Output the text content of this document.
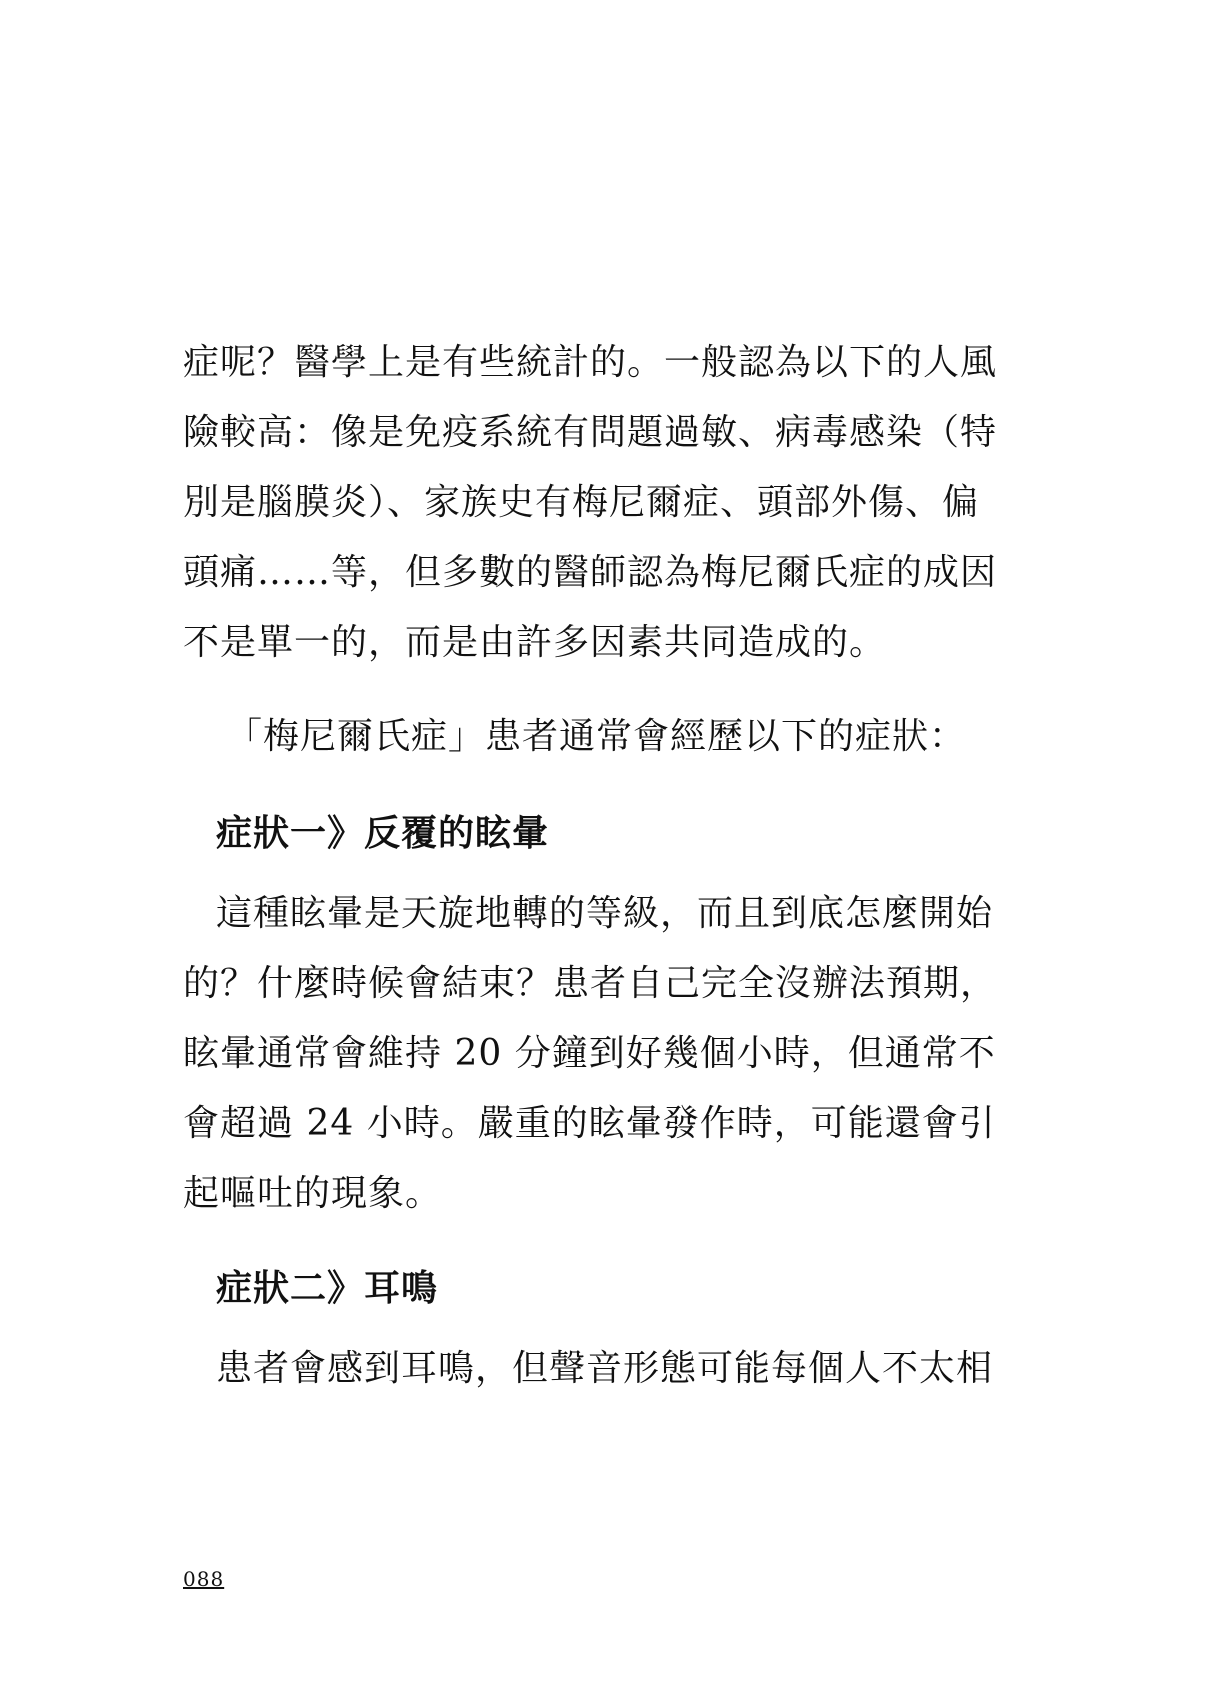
症呢？醫學上是有些統計的。一般認為以下的人風
險較高：像是免疫系統有問題過敏、病毒感染（特
別是腦膜炎）、家族史有梅尼爾症、頭部外傷、偏
頭痛……等，但多數的醫師認為梅尼爾氏症的成因
不是單一的，而是由許多因素共同造成的。
「梅尼爾氏症」患者通常會經歷以下的症狀：
症狀一》反覆的眩暈
這種眩暈是天旋地轉的等級，而且到底怎麼開始
的？什麼時候會結束？患者自己完全沒辦法預期，
眩暈通常會維持 20 分鐘到好幾個小時，但通常不
會超過 24 小時。嚴重的眩暈發作時，可能還會引
起嘔吐的現象。
症狀二》耳鳴
患者會感到耳鳴，但聲音形態可能每個人不太相
088
